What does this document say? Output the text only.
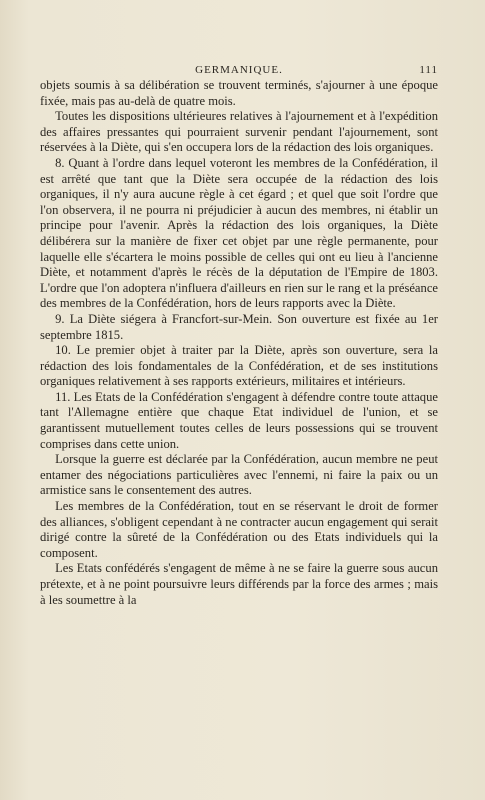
GERMANIQUE.	111

objets soumis à sa délibération se trouvent terminés, s'ajourner à une époque fixée, mais pas au-delà de quatre mois.

Toutes les dispositions ultérieures relatives à l'ajournement et à l'expédition des affaires pressantes qui pourraient survenir pendant l'ajournement, sont réservées à la Diète, qui s'en occupera lors de la rédaction des lois organiques.

8. Quant à l'ordre dans lequel voteront les membres de la Confédération, il est arrêté que tant que la Diète sera occupée de la rédaction des lois organiques, il n'y aura aucune règle à cet égard ; et quel que soit l'ordre que l'on observera, il ne pourra ni préjudicier à aucun des membres, ni établir un principe pour l'avenir. Après la rédaction des lois organiques, la Diète délibérera sur la manière de fixer cet objet par une règle permanente, pour laquelle elle s'écartera le moins possible de celles qui ont eu lieu à l'ancienne Diète, et notamment d'après le récès de la députation de l'Empire de 1803. L'ordre que l'on adoptera n'influera d'ailleurs en rien sur le rang et la préséance des membres de la Confédération, hors de leurs rapports avec la Diète.

9. La Diète siégera à Francfort-sur-Mein. Son ouverture est fixée au 1er septembre 1815.

10. Le premier objet à traiter par la Diète, après son ouverture, sera la rédaction des lois fondamentales de la Confédération, et de ses institutions organiques relativement à ses rapports extérieurs, militaires et intérieurs.

11. Les Etats de la Confédération s'engagent à défendre contre toute attaque tant l'Allemagne entière que chaque Etat individuel de l'union, et se garantissent mutuellement toutes celles de leurs possessions qui se trouvent comprises dans cette union.

Lorsque la guerre est déclarée par la Confédération, aucun membre ne peut entamer des négociations particulières avec l'ennemi, ni faire la paix ou un armistice sans le consentement des autres.

Les membres de la Confédération, tout en se réservant le droit de former des alliances, s'obligent cependant à ne contracter aucun engagement qui serait dirigé contre la sûreté de la Confédération ou des Etats individuels qui la composent.

Les Etats confédérés s'engagent de même à ne se faire la guerre sous aucun prétexte, et à ne point poursuivre leurs différends par la force des armes ; mais à les soumettre à la
